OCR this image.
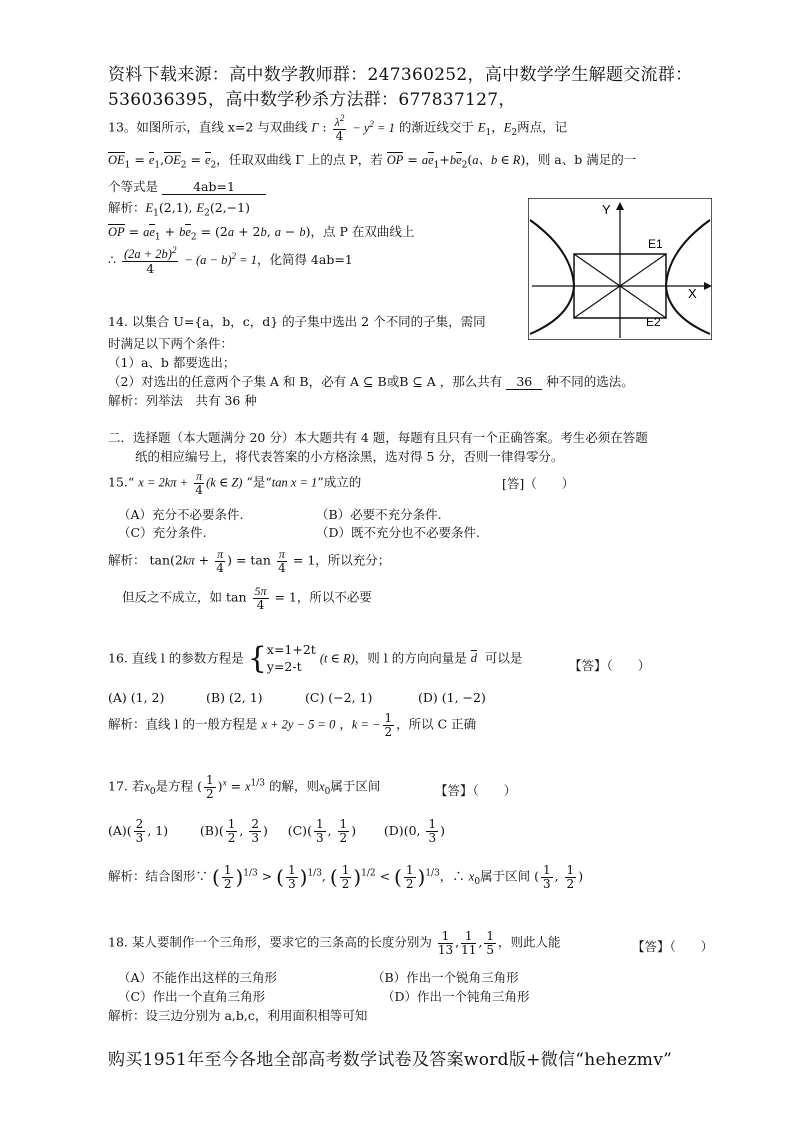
资料下载来源：高中数学教师群：247360252，高中数学学生解题交流群：
536036395，高中数学秒杀方法群：677837127，
13。如图所示，直线 x=2 与双曲线 Γ : $\frac{\lambda^2}{4} - y^2 = 1$ 的渐近线交于 $E_1$，$E_2$两点，记
$OE_1 = e_1,OE_2 = e_2$，任取双曲线 Γ 上的点 P，若 OP = $ae_1+be_2(a$、b ∈ R)，则 a、b 满足的一
个等式是	4ab=1
解析：$E_1(2,1)$, $E_2(2,-1)$
OP = $ae_1 + be_2 = (2a + 2b$, a − b)，点 P 在双曲线上
∴ $\frac{(2a + 2b)^2}{4} - (a - b)^2 = 1$，化简得 4ab=1
Y
X
E1
E2
14. 以集合 U={a，b，c，d} 的子集中选出 2 个不同的子集，需同
时满足以下两个条件：
（1）a、b 都要选出；
（2）对选出的任意两个子集 A 和 B，必有 A ⊆ B或B ⊆ A ，那么共有 36 种不同的选法。
解析：列举法　共有 36 种
二．选择题（本大题满分 20 分）本大题共有 4 题，每题有且只有一个正确答案。考生必须在答题
纸的相应编号上，将代表答案的小方格涂黑，选对得 5 分，否则一律得零分。
15.“ $x = 2k\pi + \frac{\pi}{4} (k$ ∈ Z) ”是“tan x = 1”成立的	[答]（　　）
（A）充分不必要条件.	（B）必要不充分条件.
（C）充分条件.	（D）既不充分也不必要条件.
解析： $\tan(2k\pi + \frac{\pi}{4}$ ) = $\tan \frac{\pi}{4} = 1$，所以充分；
但反之不成立，如 $\tan \frac{5\pi}{4} = 1$，所以不必要
16. 直线 l 的参数方程是 { x=1+2t
y=2-t
(t ∈ R)，则 l 的方向向量是 d 可以是
【答】（　　）
(A) (1, 2)	(B) (2, 1)	(C) (−2, 1)	(D) (1, −2)
解析：直线 l 的一般方程是 x + 2y − 5 = 0 ，k = − $\frac{1}{2}$ ，所以 C 正确
17. 若$x_0$是方程 ( $\frac{1}{2} )^x = x^{1/3}$ 的解，则$x_0$属于区间	【答】（　　）
$(A)( \frac{2}{3}$ , 1)	$(B)( \frac{1}{2}$ , $\frac{2}{3}$ ) $(C)( \frac{1}{3}$ , $\frac{1}{2}$ ) (D)(0, $\frac{1}{3}$ )
解析：结合图形∵ ( $\frac{1}{2} )^{1/3}$ > ( $\frac{1}{3} )^{1/3}$, ( $\frac{1}{2} )^{1/2}$ < ( $\frac{1}{2} )^{1/3}$，∴ $x_0$属于区间 ( $\frac{1}{3}$ , $\frac{1}{2}$ )
18. 某人要制作一个三角形，要求它的三条高的长度分别为 $\frac{1}{13}$ , $\frac{1}{11}$ , $\frac{1}{5}$ ，则此人能	【答】（　　）
（A）不能作出这样的三角形	（B）作出一个锐角三角形
（C）作出一个直角三角形	（D）作出一个钝角三角形
解析：设三边分别为 a,b,c，利用面积相等可知
购买1951年至今各地全部高考数学试卷及答案word版+微信“hehezmv”
